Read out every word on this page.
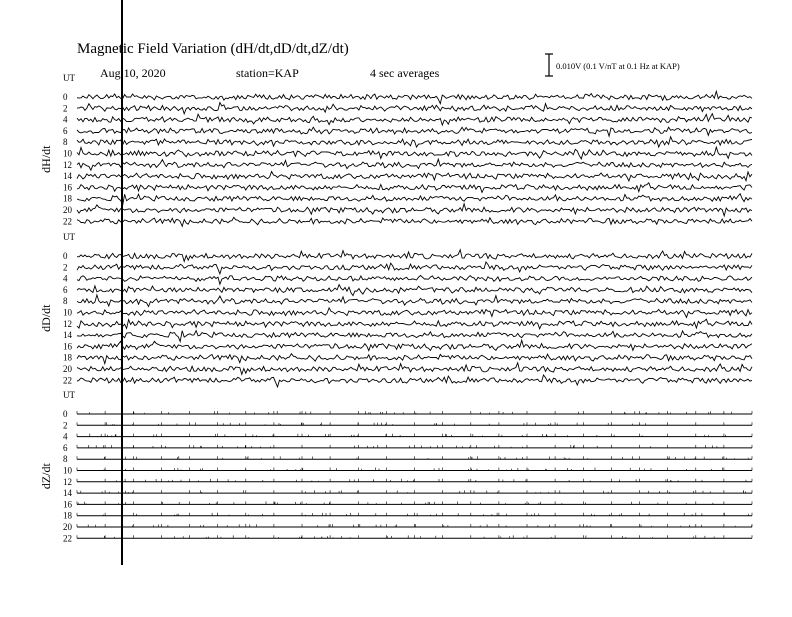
Magnetic Field Variation (dH/dt,dD/dt,dZ/dt)
Aug.10, 2020	station=KAP	4 sec averages	0.010V (0.1 V/nT at 0.1 Hz at KAP)
UT
dH/dt
0
2
4
6
8
10
12
14
16
18
20
22
UT
dD/dt
0
2
4
6
8
10
12
14
16
18
20
22
UT
dZ/dt
0
2
4
6
8
10
12
14
16
18
20
22
